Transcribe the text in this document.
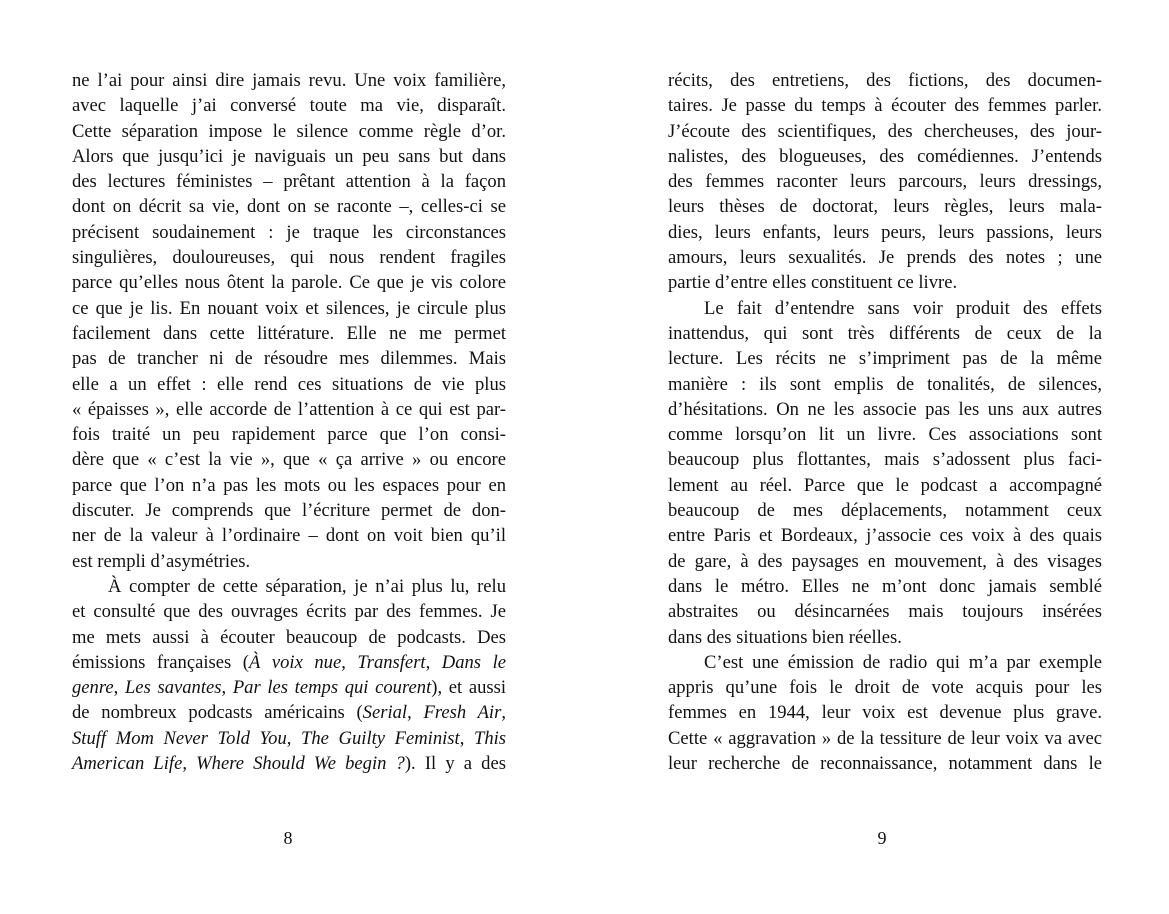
ne l’ai pour ainsi dire jamais revu. Une voix familière,
avec laquelle j’ai conversé toute ma vie, disparaît.
Cette séparation impose le silence comme règle d’or.
Alors que jusqu’ici je naviguais un peu sans but dans
des lectures féministes – prêtant attention à la façon
dont on décrit sa vie, dont on se raconte –, celles-ci se
précisent soudainement : je traque les circonstances
singulières, douloureuses, qui nous rendent fragiles
parce qu’elles nous ôtent la parole. Ce que je vis colore
ce que je lis. En nouant voix et silences, je circule plus
facilement dans cette littérature. Elle ne me permet
pas de trancher ni de résoudre mes dilemmes. Mais
elle a un effet : elle rend ces situations de vie plus
« épaisses », elle accorde de l’attention à ce qui est par-
fois traité un peu rapidement parce que l’on consi-
dère que « c’est la vie », que « ça arrive » ou encore
parce que l’on n’a pas les mots ou les espaces pour en
discuter. Je comprends que l’écriture permet de don-
ner de la valeur à l’ordinaire – dont on voit bien qu’il
est rempli d’asymétries.
À compter de cette séparation, je n’ai plus lu, relu
et consulté que des ouvrages écrits par des femmes. Je
me mets aussi à écouter beaucoup de podcasts. Des
émissions françaises (À voix nue, Transfert, Dans le
genre, Les savantes, Par les temps qui courent), et aussi
de nombreux podcasts américains (Serial, Fresh Air,
Stuff Mom Never Told You, The Guilty Feminist, This
American Life, Where Should We begin ?). Il y a des
8
récits, des entretiens, des fictions, des documen-
taires. Je passe du temps à écouter des femmes parler.
J’écoute des scientifiques, des chercheuses, des jour-
nalistes, des blogueuses, des comédiennes. J’entends
des femmes raconter leurs parcours, leurs dressings,
leurs thèses de doctorat, leurs règles, leurs mala-
dies, leurs enfants, leurs peurs, leurs passions, leurs
amours, leurs sexualités. Je prends des notes ; une
partie d’entre elles constituent ce livre.
Le fait d’entendre sans voir produit des effets
inattendus, qui sont très différents de ceux de la
lecture. Les récits ne s’impriment pas de la même
manière : ils sont emplis de tonalités, de silences,
d’hésitations. On ne les associe pas les uns aux autres
comme lorsqu’on lit un livre. Ces associations sont
beaucoup plus flottantes, mais s’adossent plus faci-
lement au réel. Parce que le podcast a accompagné
beaucoup de mes déplacements, notamment ceux
entre Paris et Bordeaux, j’associe ces voix à des quais
de gare, à des paysages en mouvement, à des visages
dans le métro. Elles ne m’ont donc jamais semblé
abstraites ou désincarnées mais toujours insérées
dans des situations bien réelles.
C’est une émission de radio qui m’a par exemple
appris qu’une fois le droit de vote acquis pour les
femmes en 1944, leur voix est devenue plus grave.
Cette « aggravation » de la tessiture de leur voix va avec
leur recherche de reconnaissance, notamment dans le
9
